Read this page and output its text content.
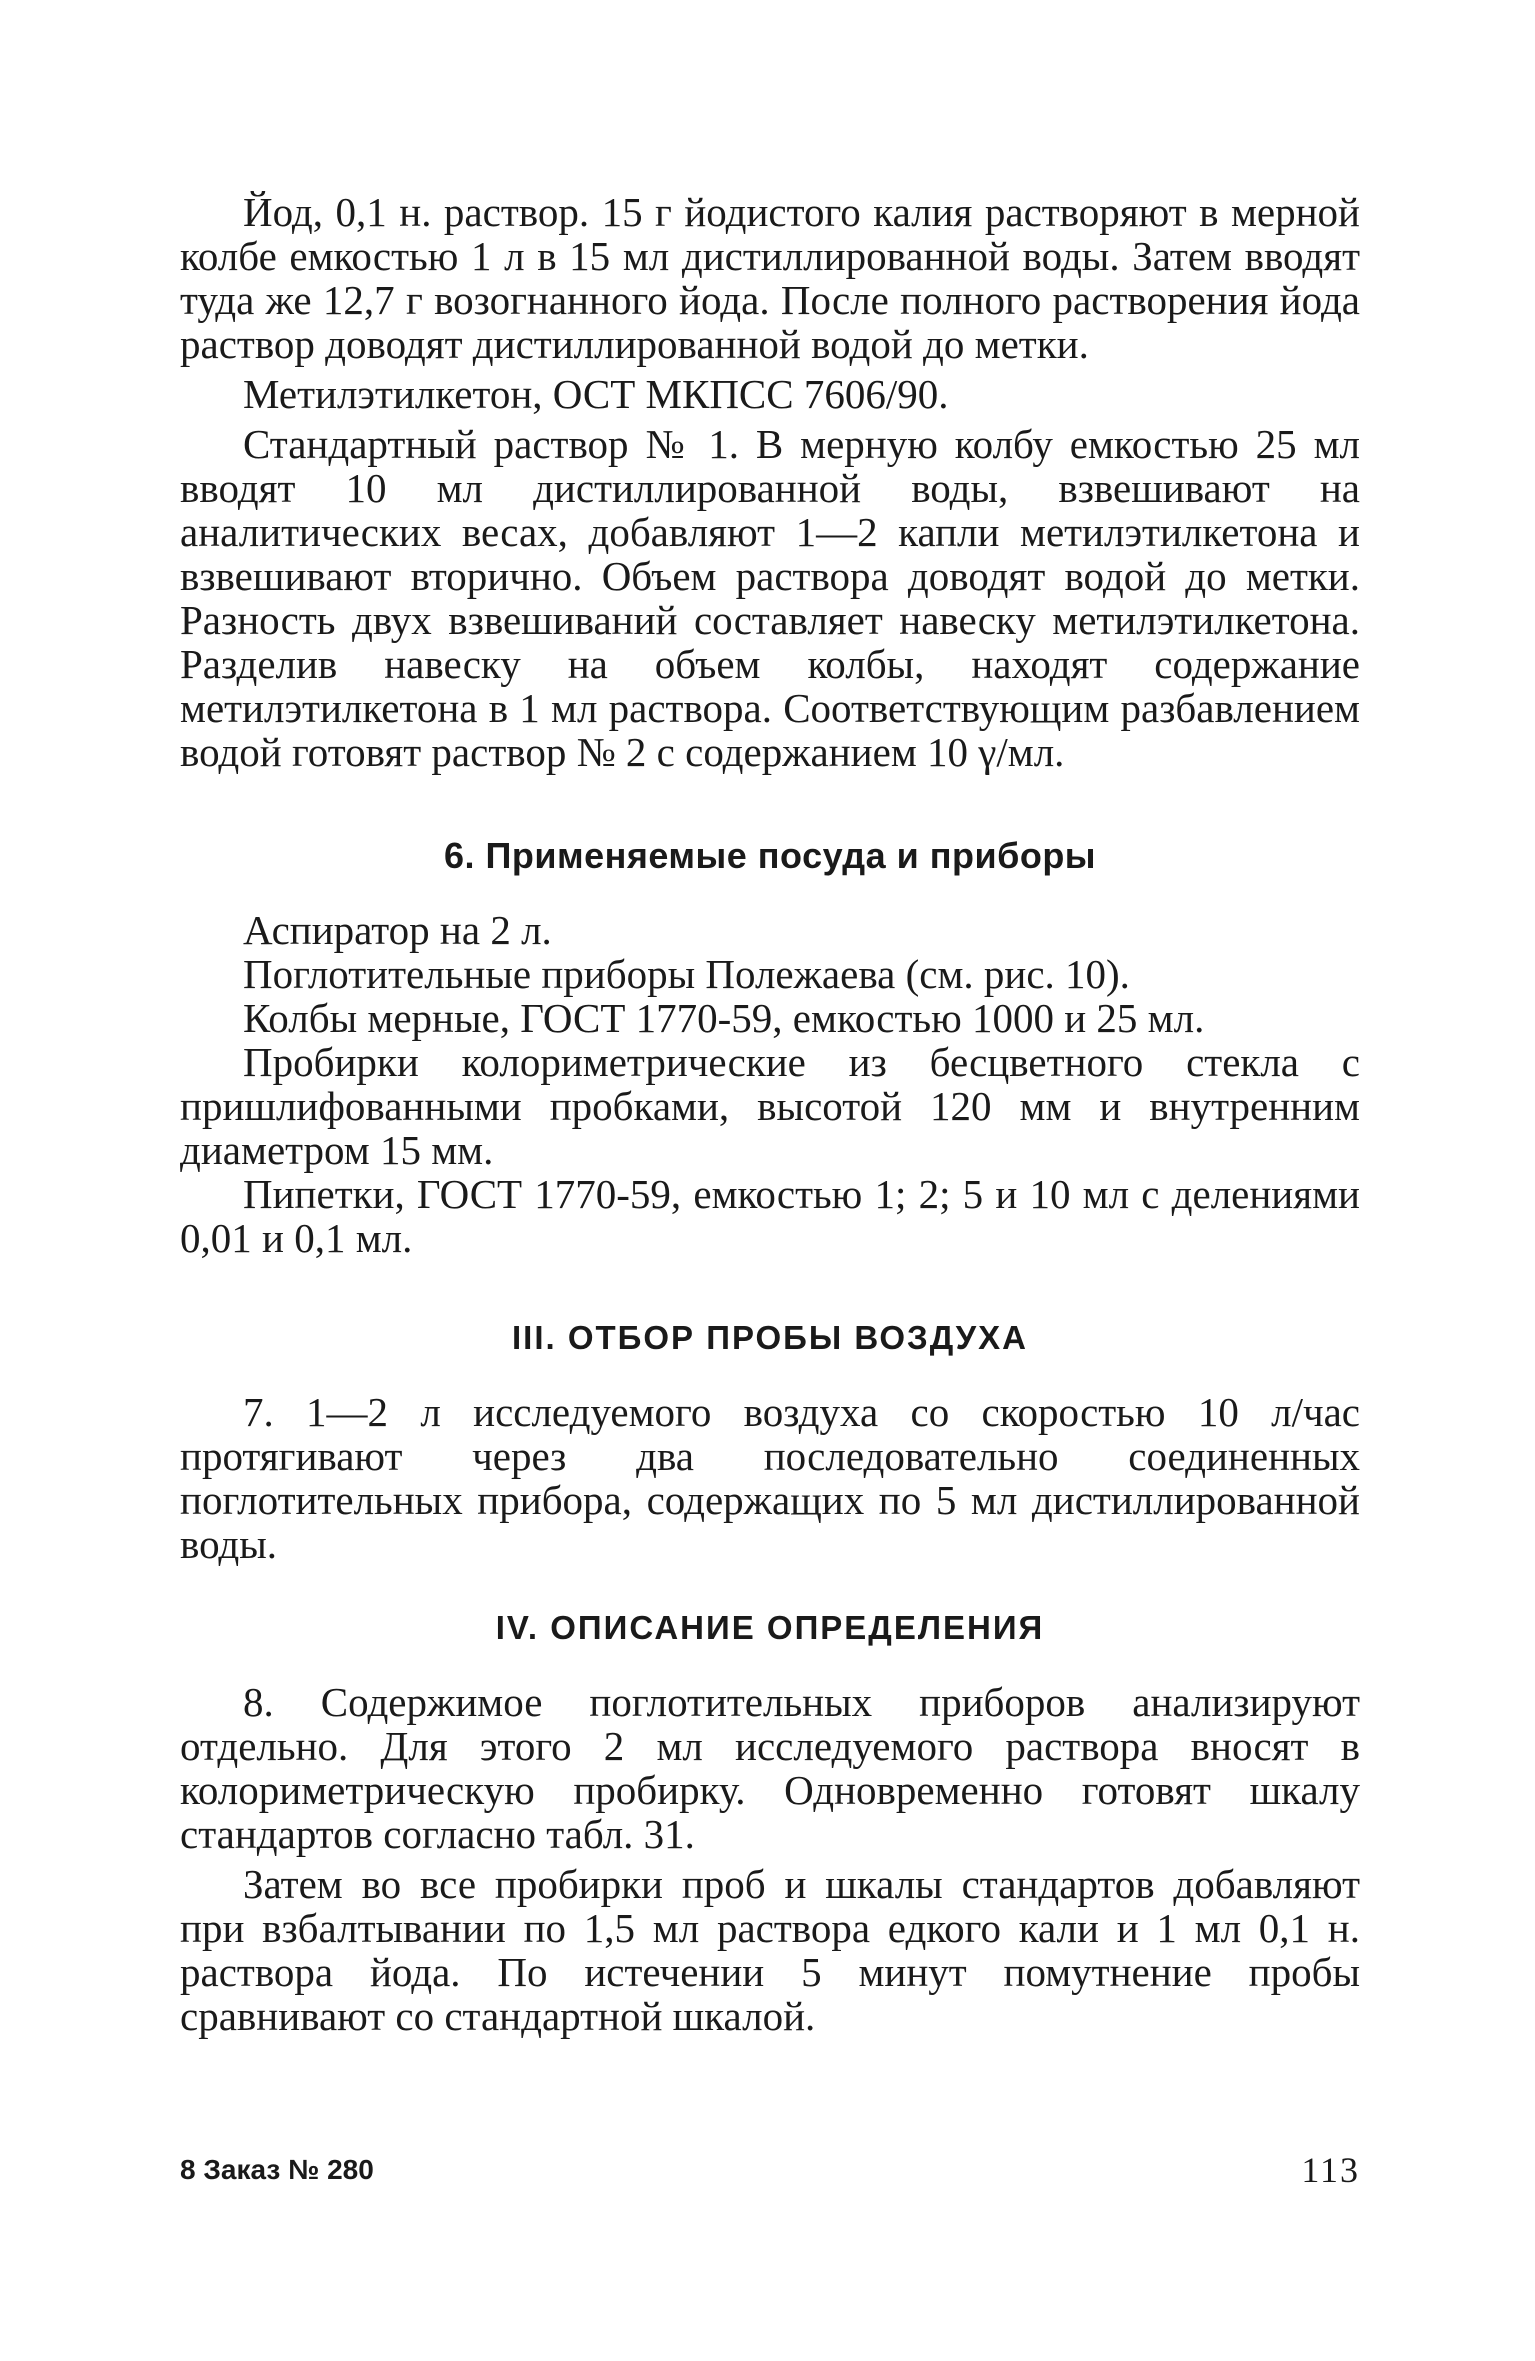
Йод, 0,1 н. раствор. 15 г йодистого калия растворяют в мерной колбе емкостью 1 л в 15 мл дистиллированной воды. Затем вводят туда же 12,7 г возогнанного йода. После полного растворения йода раствор доводят дистиллированной водой до метки.

Метилэтилкетон, ОСТ МКПСС 7606/90.

Стандартный раствор № 1. В мерную колбу емкостью 25 мл вводят 10 мл дистиллированной воды, взвешивают на аналитических весах, добавляют 1—2 капли метилэтилкетона и взвешивают вторично. Объем раствора доводят водой до метки. Разность двух взвешиваний составляет навеску метилэтилкетона. Разделив навеску на объем колбы, находят содержание метилэтилкетона в 1 мл раствора. Соответствующим разбавлением водой готовят раствор № 2 с содержанием 10 γ/мл.

6. Применяемые посуда и приборы

Аспиратор на 2 л.

Поглотительные приборы Полежаева (см. рис. 10).

Колбы мерные, ГОСТ 1770-59, емкостью 1000 и 25 мл.

Пробирки колориметрические из бесцветного стекла с пришлифованными пробками, высотой 120 мм и внутренним диаметром 15 мм.

Пипетки, ГОСТ 1770-59, емкостью 1; 2; 5 и 10 мл с делениями 0,01 и 0,1 мл.

III. ОТБОР ПРОБЫ ВОЗДУХА

7. 1—2 л исследуемого воздуха со скоростью 10 л/час протягивают через два последовательно соединенных поглотительных прибора, содержащих по 5 мл дистиллированной воды.

IV. ОПИСАНИЕ ОПРЕДЕЛЕНИЯ

8. Содержимое поглотительных приборов анализируют отдельно. Для этого 2 мл исследуемого раствора вносят в колориметрическую пробирку. Одновременно готовят шкалу стандартов согласно табл. 31.

Затем во все пробирки проб и шкалы стандартов добавляют при взбалтывании по 1,5 мл раствора едкого кали и 1 мл 0,1 н. раствора йода. По истечении 5 минут помутнение пробы сравнивают со стандартной шкалой.

8 Заказ № 280	113
